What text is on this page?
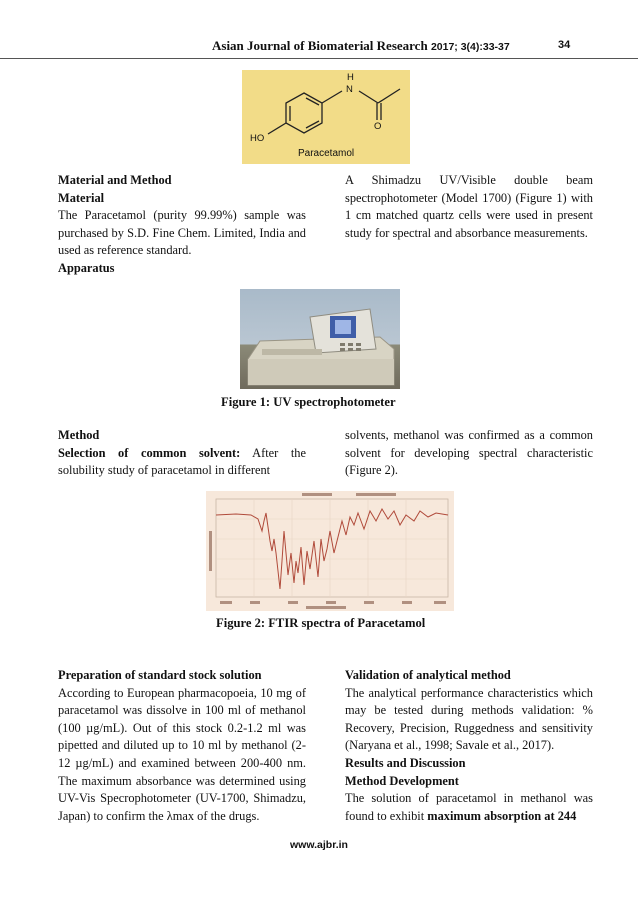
Asian Journal of Biomaterial Research 2017; 3(4):33-37	34
H
N
O
HO
Paracetamol

Material and Method

Material

The Paracetamol (purity 99.99%) sample was purchased by S.D. Fine Chem. Limited, India and used as reference standard.

Apparatus

A Shimadzu UV/Visible double beam spectrophotometer (Model 1700) (Figure 1) with 1 cm matched quartz cells were used in present study for spectral and absorbance measurements.

Figure 1: UV spectrophotometer

Method

Selection of common solvent: After the solubility study of paracetamol in different

solvents, methanol was confirmed as a common solvent for developing spectral characteristic (Figure 2).

Figure 2: FTIR spectra of Paracetamol

Preparation of standard stock solution

According to European pharmacopoeia, 10 mg of paracetamol was dissolve in 100 ml of methanol (100 µg/mL). Out of this stock 0.2-1.2 ml was pipetted and diluted up to 10 ml by methanol (2-12 µg/mL) and examined between 200-400 nm. The maximum absorbance was determined using UV-Vis Specrophotometer (UV-1700, Shimadzu, Japan) to confirm the λmax of the drugs.

Validation of analytical method

The analytical performance characteristics which may be tested during methods validation: % Recovery, Precision, Ruggedness and sensitivity (Naryana et al., 1998; Savale et al., 2017).

Results and Discussion

Method Development

The solution of paracetamol in methanol was found to exhibit maximum absorption at 244

www.ajbr.in
